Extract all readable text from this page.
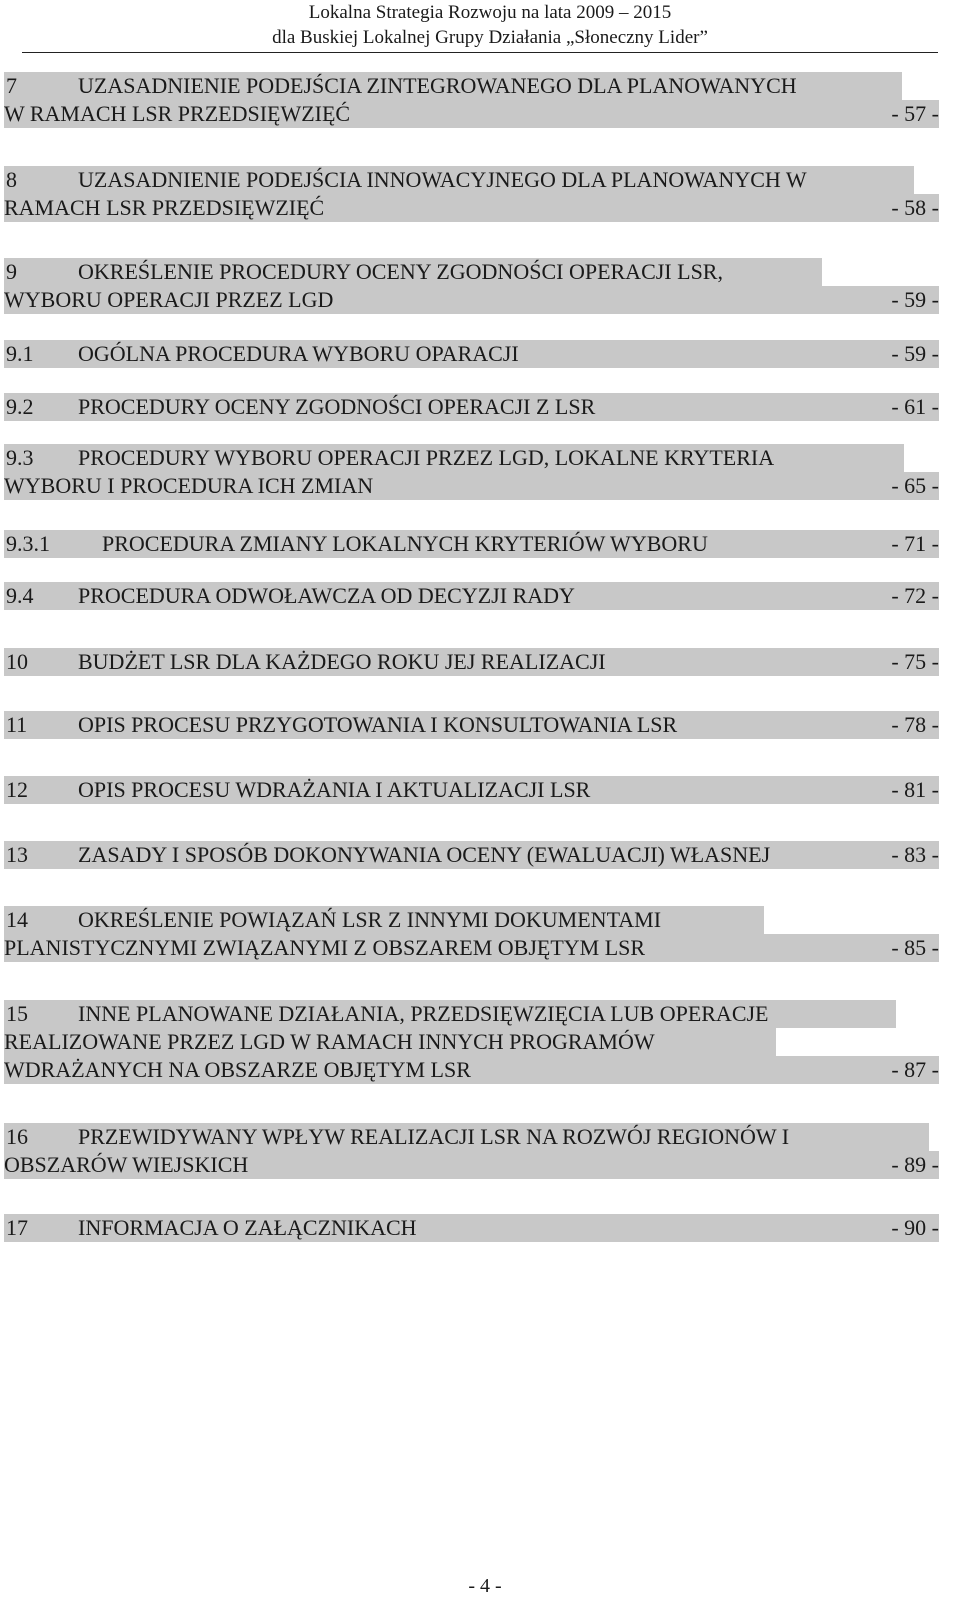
Lokalna Strategia Rozwoju na lata 2009 – 2015
dla Buskiej Lokalnej Grupy Działania „Słoneczny Lider”
7	UZASADNIENIE PODEJŚCIA ZINTEGROWANEGO DLA PLANOWANYCH
W RAMACH LSR PRZEDSIĘWZIĘĆ	- 57 -
8	UZASADNIENIE PODEJŚCIA INNOWACYJNEGO DLA PLANOWANYCH W
RAMACH LSR PRZEDSIĘWZIĘĆ	- 58 -
9	OKREŚLENIE PROCEDURY OCENY ZGODNOŚCI OPERACJI LSR,
WYBORU OPERACJI PRZEZ LGD	- 59 -
9.1 OGÓLNA PROCEDURA WYBORU OPARACJI	- 59 -
9.2 PROCEDURY OCENY ZGODNOŚCI OPERACJI Z LSR	- 61 -
9.3 PROCEDURY WYBORU OPERACJI PRZEZ LGD, LOKALNE KRYTERIA
WYBORU I PROCEDURA ICH ZMIAN	- 65 -
9.3.1 PROCEDURA ZMIANY LOKALNYCH KRYTERIÓW WYBORU	- 71 -
9.4 PROCEDURA ODWOŁAWCZA OD DECYZJI RADY	- 72 -
10 BUDŻET LSR DLA KAŻDEGO ROKU JEJ REALIZACJI	- 75 -
11 OPIS PROCESU PRZYGOTOWANIA I KONSULTOWANIA LSR	- 78 -
12 OPIS PROCESU WDRAŻANIA I AKTUALIZACJI LSR	- 81 -
13 ZASADY I SPOSÓB DOKONYWANIA OCENY (EWALUACJI) WŁASNEJ	- 83 -
14 OKREŚLENIE POWIĄZAŃ LSR Z INNYMI DOKUMENTAMI
PLANISTYCZNYMI ZWIĄZANYMI Z OBSZAREM OBJĘTYM LSR	- 85 -
15 INNE PLANOWANE DZIAŁANIA, PRZEDSIĘWZIĘCIA LUB OPERACJE
REALIZOWANE PRZEZ LGD W RAMACH INNYCH PROGRAMÓW
WDRAŻANYCH NA OBSZARZE OBJĘTYM LSR	- 87 -
16 PRZEWIDYWANY WPŁYW REALIZACJI LSR NA ROZWÓJ REGIONÓW I
OBSZARÓW WIEJSKICH	- 89 -
17 INFORMACJA O ZAŁĄCZNIKACH	- 90 -
- 4 -
